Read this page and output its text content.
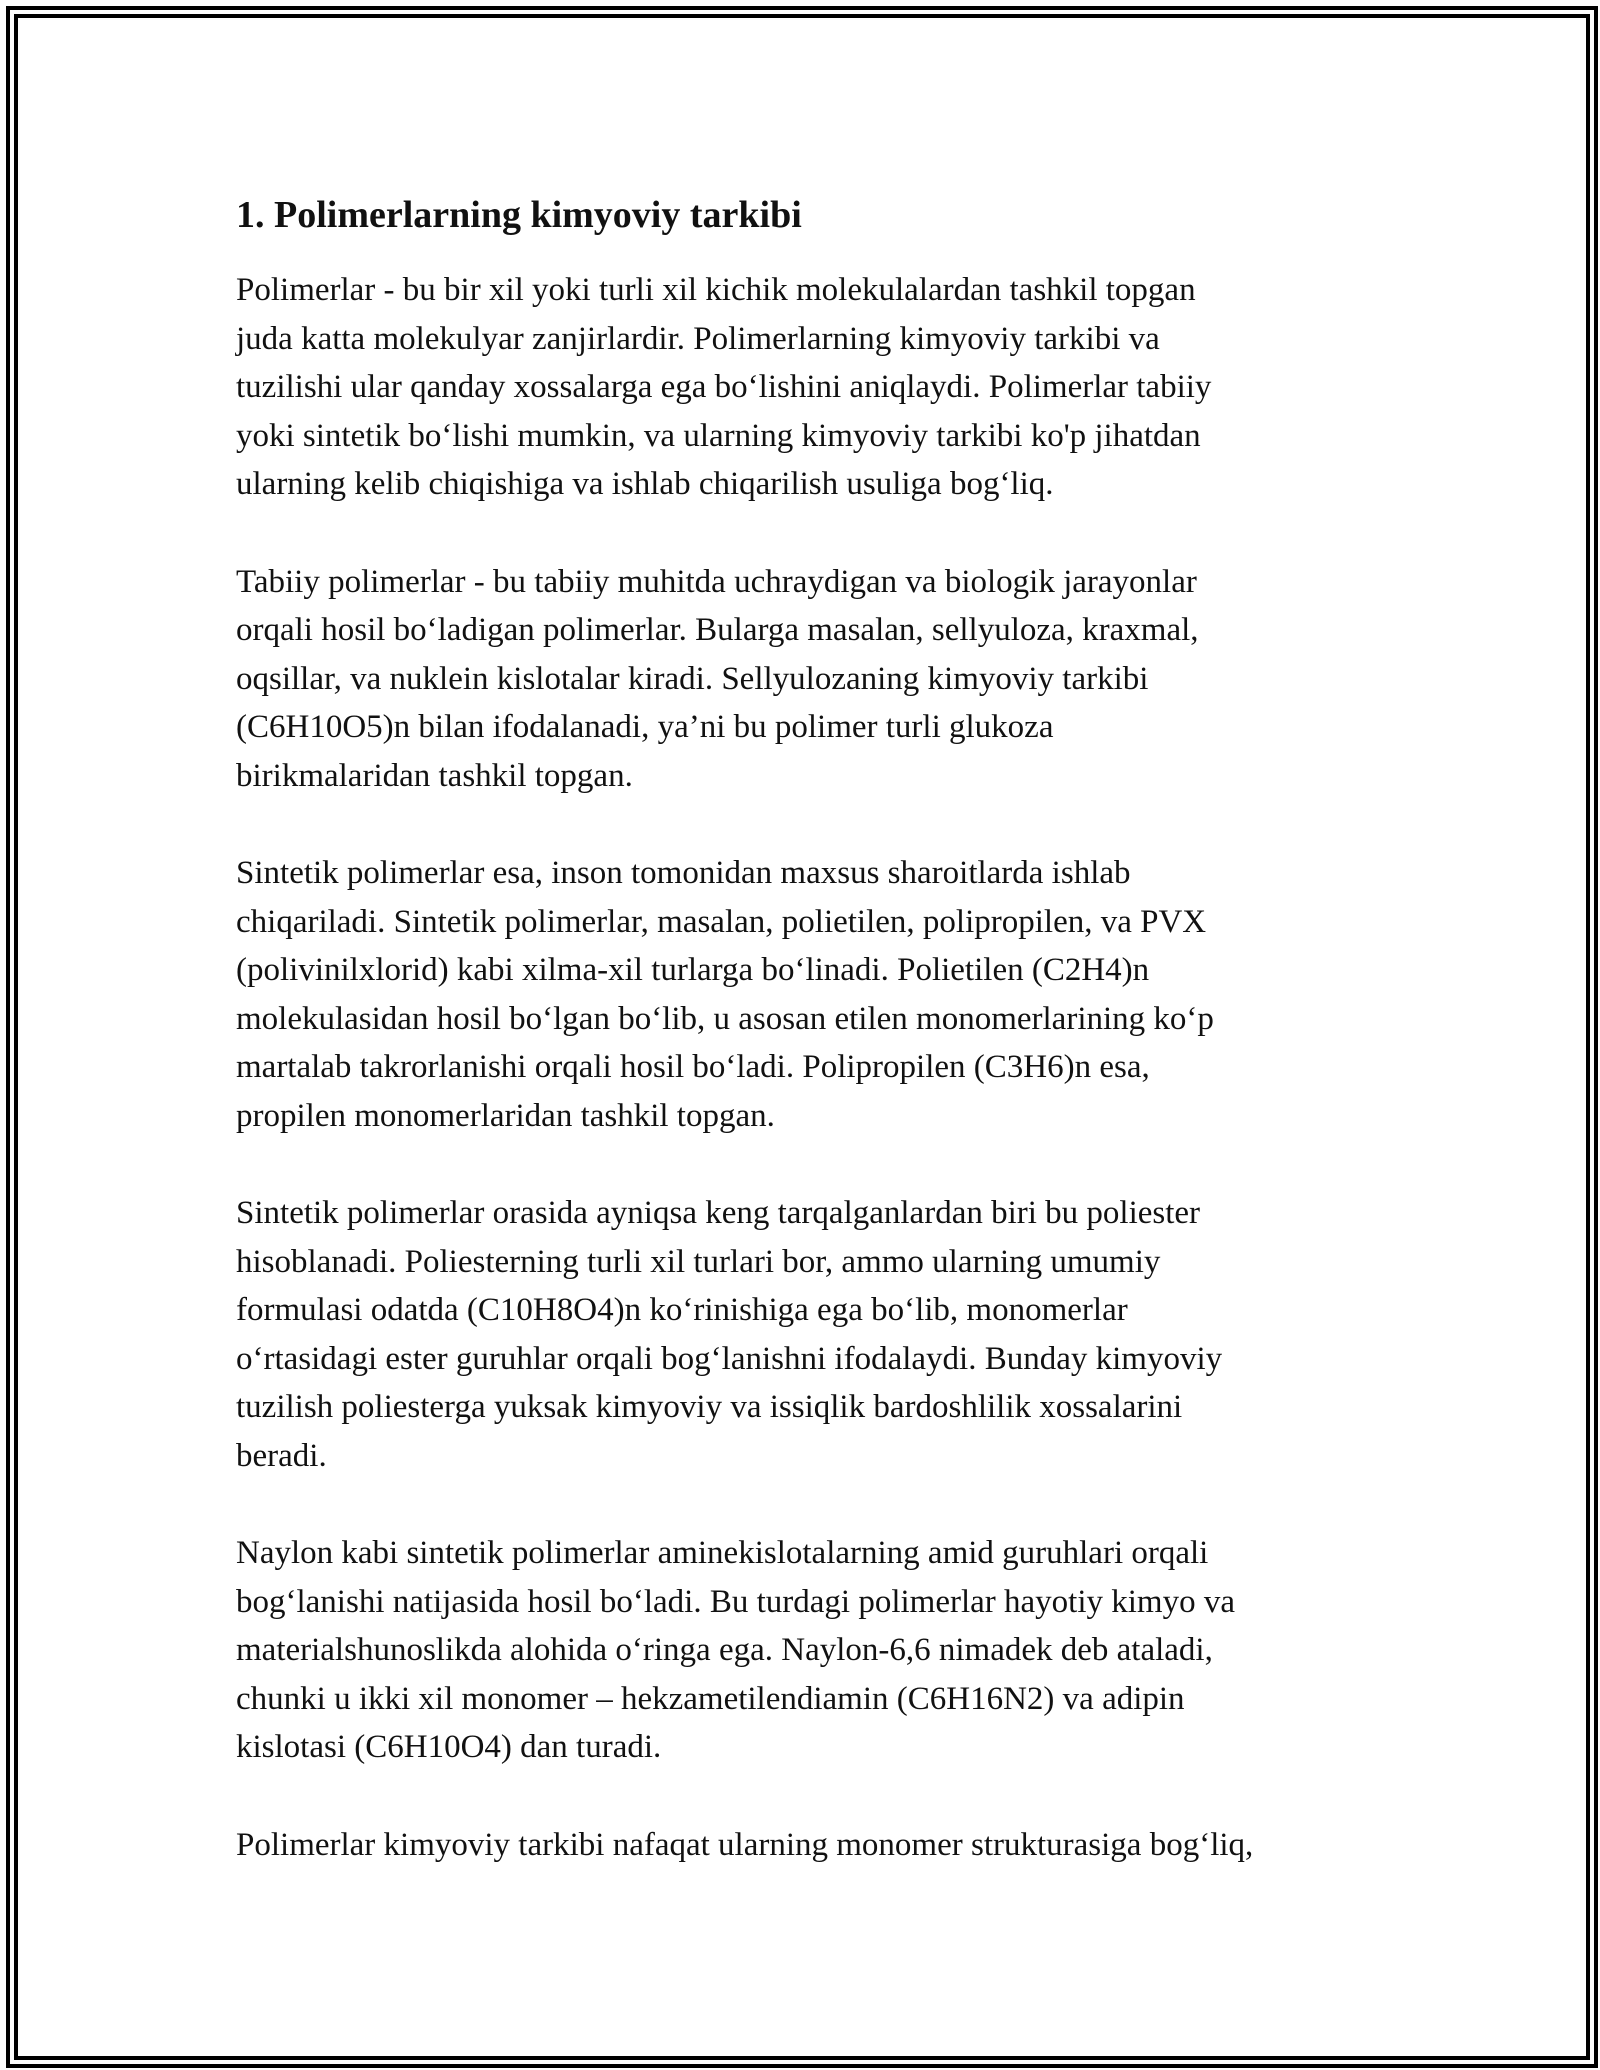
1. Polimerlarning kimyoviy tarkibi
Polimerlar - bu bir xil yoki turli xil kichik molekulalardan tashkil topgan
juda katta molekulyar zanjirlardir. Polimerlarning kimyoviy tarkibi va
tuzilishi ular qanday xossalarga ega bo‘lishini aniqlaydi. Polimerlar tabiiy
yoki sintetik bo‘lishi mumkin, va ularning kimyoviy tarkibi ko'p jihatdan
ularning kelib chiqishiga va ishlab chiqarilish usuliga bog‘liq.
Tabiiy polimerlar - bu tabiiy muhitda uchraydigan va biologik jarayonlar
orqali hosil bo‘ladigan polimerlar. Bularga masalan, sellyuloza, kraxmal,
oqsillar, va nuklein kislotalar kiradi. Sellyulozaning kimyoviy tarkibi
(C6H10O5)n bilan ifodalanadi, ya’ni bu polimer turli glukoza
birikmalaridan tashkil topgan.
Sintetik polimerlar esa, inson tomonidan maxsus sharoitlarda ishlab
chiqariladi. Sintetik polimerlar, masalan, polietilen, polipropilen, va PVX
(polivinilxlorid) kabi xilma-xil turlarga bo‘linadi. Polietilen (C2H4)n
molekulasidan hosil bo‘lgan bo‘lib, u asosan etilen monomerlarining ko‘p
martalab takrorlanishi orqali hosil bo‘ladi. Polipropilen (C3H6)n esa,
propilen monomerlaridan tashkil topgan.
Sintetik polimerlar orasida ayniqsa keng tarqalganlardan biri bu poliester
hisoblanadi. Poliesterning turli xil turlari bor, ammo ularning umumiy
formulasi odatda (C10H8O4)n ko‘rinishiga ega bo‘lib, monomerlar
o‘rtasidagi ester guruhlar orqali bog‘lanishni ifodalaydi. Bunday kimyoviy
tuzilish poliesterga yuksak kimyoviy va issiqlik bardoshlilik xossalarini
beradi.
Naylon kabi sintetik polimerlar aminekislotalarning amid guruhlari orqali
bog‘lanishi natijasida hosil bo‘ladi. Bu turdagi polimerlar hayotiy kimyo va
materialshunoslikda alohida o‘ringa ega. Naylon-6,6 nimadek deb ataladi,
chunki u ikki xil monomer – hekzametilendiamin (C6H16N2) va adipin
kislotasi (C6H10O4) dan turadi.
Polimerlar kimyoviy tarkibi nafaqat ularning monomer strukturasiga bog‘liq,
